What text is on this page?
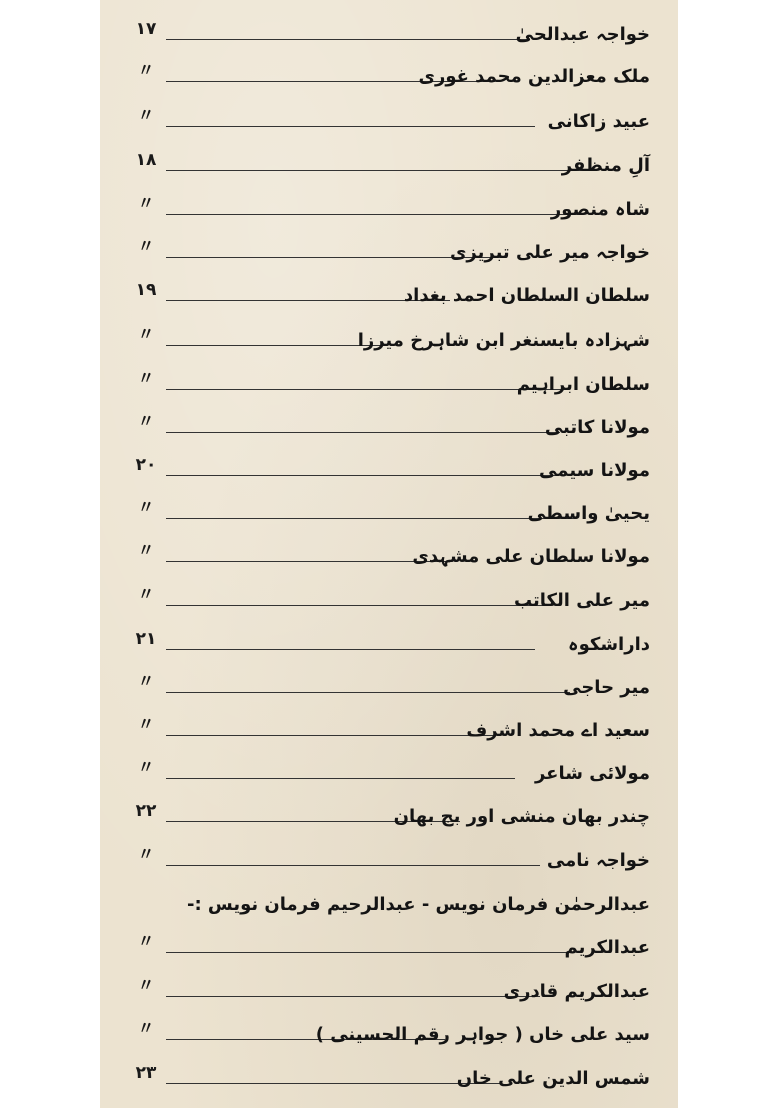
١٧	خواجہ عبدالحیٰ
〃	ملک معزالدین محمد غوری
〃	عبید زاکانی
١٨	آلِ منظفر
〃	شاہ منصور
〃	خواجہ میر علی تبریزی
١٩	سلطان السلطان احمد بغداد
〃	شہزادہ بایسنغر ابن شاہرخ میرزا
〃	سلطان ابراہیم
〃	مولانا کاتبی
٢٠	مولانا سیمی
〃	یحییٰ واسطی
〃	مولانا سلطان علی مشہدی
〃	میر علی الکاتب
٢١	داراشکوہ
〃	میر حاجی
〃	سعید اے محمد اشرف
〃	مولائی شاعر
٢٢	چندر بھان منشی اور بج بھان
〃	خواجہ نامی
عبدالرحمٰن فرمان نویس - عبدالرحیم فرمان نویس :-
〃	عبدالکریم
〃	عبدالکریم قادری
〃	سید علی خاں ( جواہر رقم الحسینی )
٢٣	شمس الدین علی خاں
